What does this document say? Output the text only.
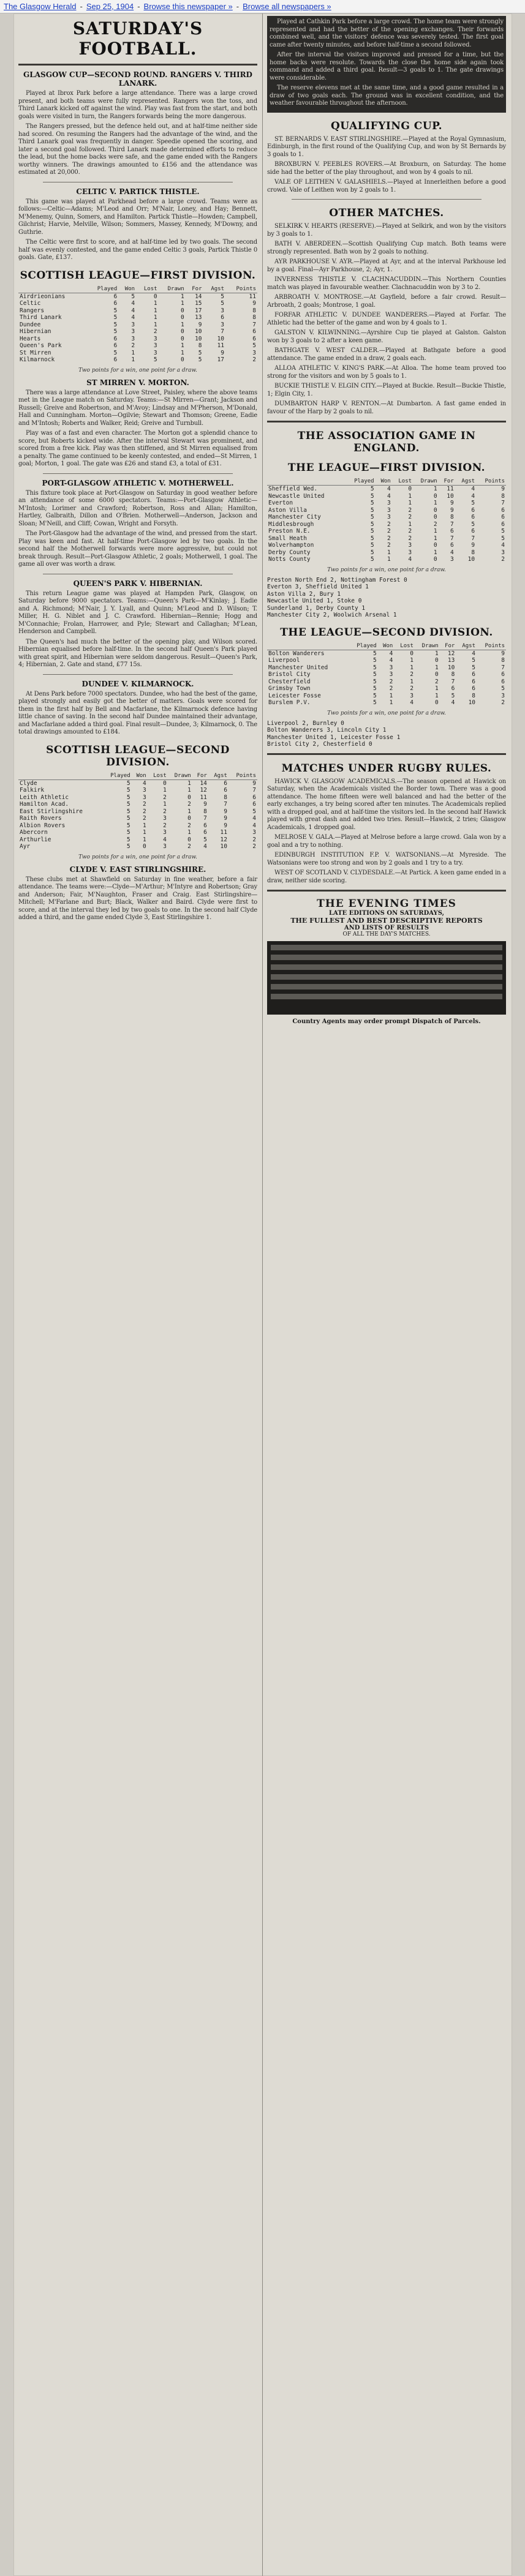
The Glasgow Herald - Sep 25, 1904 - Browse this newspaper » - Browse all newspapers »
SATURDAY'S FOOTBALL.
GLASGOW CUP—SECOND ROUND. RANGERS V. THIRD LANARK.

Played at Ibrox Park before a large attendance. There was a large crowd present, and both teams were fully represented. Rangers won the toss, and Third Lanark kicked off against the wind. Play was fast from the start, and both goals were visited in turn, the Rangers forwards being the more dangerous.

The Rangers pressed, but the defence held out, and at half-time neither side had scored. On resuming the Rangers had the advantage of the wind, and the Third Lanark goal was frequently in danger. Speedie opened the scoring, and later a second goal followed. Third Lanark made determined efforts to reduce the lead, but the home backs were safe, and the game ended with the Rangers worthy winners. The drawings amounted to £156 and the attendance was estimated at 20,000.

CELTIC V. PARTICK THISTLE.

This game was played at Parkhead before a large crowd. Teams were as follows:—Celtic—Adams; M'Leod and Orr; M'Nair, Loney, and Hay; Bennett, M'Menemy, Quinn, Somers, and Hamilton. Partick Thistle—Howden; Campbell, Gilchrist; Harvie, Melville, Wilson; Sommers, Massey, Kennedy, M'Downy, and Guthrie.

The Celtic were first to score, and at half-time led by two goals. The second half was evenly contested, and the game ended Celtic 3 goals, Partick Thistle 0 goals. Gate, £137.

SCOTTISH LEAGUE—FIRST DIVISION.
	Played	Won	Lost	Drawn	For	Agst	Points
Airdrieonians	6	5	0	1	14	5	11
Celtic	6	4	1	1	15	5	9
Rangers	5	4	1	0	17	3	8
Third Lanark	5	4	1	0	13	6	8
Dundee	5	3	1	1	9	3	7
Hibernian	5	3	2	0	10	7	6
Hearts	6	3	3	0	10	10	6
Queen's Park	6	2	3	1	8	11	5
St Mirren	5	1	3	1	5	9	3
Kilmarnock	6	1	5	0	5	17	2
Two points for a win, one point for a draw.
ST MIRREN V. MORTON.

There was a large attendance at Love Street, Paisley, where the above teams met in the League match on Saturday. Teams:—St Mirren—Grant; Jackson and Russell; Greive and Robertson, and M'Avoy; Lindsay and M'Pherson, M'Donald, Hall and Cunningham. Morton—Ogilvie; Stewart and Thomson; Greene, Eadie and M'Intosh; Roberts and Walker, Reid; Greive and Turnbull.

Play was of a fast and even character. The Morton got a splendid chance to score, but Roberts kicked wide. After the interval Stewart was prominent, and scored from a free kick. Play was then stiffened, and St Mirren equalised from a penalty. The game continued to be keenly contested, and ended—St Mirren, 1 goal; Morton, 1 goal. The gate was £26 and stand £3, a total of £31.

PORT-GLASGOW ATHLETIC V. MOTHERWELL.

This fixture took place at Port-Glasgow on Saturday in good weather before an attendance of some 6000 spectators. Teams:—Port-Glasgow Athletic—M'Intosh; Lorimer and Crawford; Robertson, Ross and Allan; Hamilton, Hartley, Galbraith, Dillon and O'Brien. Motherwell—Anderson, Jackson and Sloan; M'Neill, and Cliff; Cowan, Wright and Forsyth.

The Port-Glasgow had the advantage of the wind, and pressed from the start. Play was keen and fast. At half-time Port-Glasgow led by two goals. In the second half the Motherwell forwards were more aggressive, but could not break through. Result—Port-Glasgow Athletic, 2 goals; Motherwell, 1 goal. The game all over was worth a draw.

QUEEN'S PARK V. HIBERNIAN.

This return League game was played at Hampden Park, Glasgow, on Saturday before 9000 spectators. Teams:—Queen's Park—M'Kinlay; J. Eadie and A. Richmond; M'Nair, J. Y. Lyall, and Quinn; M'Leod and D. Wilson; T. Miller, H. G. Niblet and J. C. Crawford. Hibernian—Rennie; Hogg and M'Connachie; Frolan, Harrower, and Pyle; Stewart and Callaghan; M'Lean, Henderson and Campbell.

The Queen's had much the better of the opening play, and Wilson scored. Hibernian equalised before half-time. In the second half Queen's Park played with great spirit, and Hibernian were seldom dangerous. Result—Queen's Park, 4; Hibernian, 2. Gate and stand, £77 15s.

DUNDEE V. KILMARNOCK.

At Dens Park before 7000 spectators. Dundee, who had the best of the game, played strongly and easily got the better of matters. Goals were scored for them in the first half by Bell and Macfarlane, the Kilmarnock defence having little chance of saving. In the second half Dundee maintained their advantage, and Macfarlane added a third goal. Final result—Dundee, 3; Kilmarnock, 0. The total drawings amounted to £184.

SCOTTISH LEAGUE—SECOND DIVISION.
	Played	Won	Lost	Drawn	For	Agst	Points
Clyde	5	4	0	1	14	6	9
Falkirk	5	3	1	1	12	6	7
Leith Athletic	5	3	2	0	11	8	6
Hamilton Acad.	5	2	1	2	9	7	6
East Stirlingshire	5	2	2	1	8	9	5
Raith Rovers	5	2	3	0	7	9	4
Albion Rovers	5	1	2	2	6	9	4
Abercorn	5	1	3	1	6	11	3
Arthurlie	5	1	4	0	5	12	2
Ayr	5	0	3	2	4	10	2
Two points for a win, one point for a draw.
CLYDE V. EAST STIRLINGSHIRE.

These clubs met at Shawfield on Saturday in fine weather, before a fair attendance. The teams were:—Clyde—M'Arthur; M'Intyre and Robertson; Gray and Anderson; Fair, M'Naughton, Fraser and Craig. East Stirlingshire—Mitchell; M'Farlane and Burt; Black, Walker and Baird. Clyde were first to score, and at the interval they led by two goals to one. In the second half Clyde added a third, and the game ended Clyde 3, East Stirlingshire 1.

Played at Cathkin Park before a large crowd. The home team were strongly represented and had the better of the opening exchanges. Their forwards combined well, and the visitors' defence was severely tested. The first goal came after twenty minutes, and before half-time a second followed.

After the interval the visitors improved and pressed for a time, but the home backs were resolute. Towards the close the home side again took command and added a third goal. Result—3 goals to 1. The gate drawings were considerable.

The reserve elevens met at the same time, and a good game resulted in a draw of two goals each. The ground was in excellent condition, and the weather favourable throughout the afternoon.

QUALIFYING CUP.

ST. BERNARDS V. EAST STIRLINGSHIRE.—Played at the Royal Gymnasium, Edinburgh, in the first round of the Qualifying Cup, and won by St Bernards by 3 goals to 1.

BROXBURN V. PEEBLES ROVERS.—At Broxburn, on Saturday. The home side had the better of the play throughout, and won by 4 goals to nil.

VALE OF LEITHEN V. GALASHIELS.—Played at Innerleithen before a good crowd. Vale of Leithen won by 2 goals to 1.

OTHER MATCHES.

SELKIRK V. HEARTS (RESERVE).—Played at Selkirk, and won by the visitors by 3 goals to 1.

BATH V. ABERDEEN.—Scottish Qualifying Cup match. Both teams were strongly represented. Bath won by 2 goals to nothing.

AYR PARKHOUSE V. AYR.—Played at Ayr, and at the interval Parkhouse led by a goal. Final—Ayr Parkhouse, 2; Ayr, 1.

INVERNESS THISTLE V. CLACHNACUDDIN.—This Northern Counties match was played in favourable weather. Clachnacuddin won by 3 to 2.

ARBROATH V. MONTROSE.—At Gayfield, before a fair crowd. Result—Arbroath, 2 goals; Montrose, 1 goal.

FORFAR ATHLETIC V. DUNDEE WANDERERS.—Played at Forfar. The Athletic had the better of the game and won by 4 goals to 1.

GALSTON V. KILWINNING.—Ayrshire Cup tie played at Galston. Galston won by 3 goals to 2 after a keen game.

BATHGATE V. WEST CALDER.—Played at Bathgate before a good attendance. The game ended in a draw, 2 goals each.

ALLOA ATHLETIC V. KING'S PARK.—At Alloa. The home team proved too strong for the visitors and won by 5 goals to 1.

BUCKIE THISTLE V. ELGIN CITY.—Played at Buckie. Result—Buckie Thistle, 1; Elgin City, 1.

DUMBARTON HARP V. RENTON.—At Dumbarton. A fast game ended in favour of the Harp by 2 goals to nil.

THE ASSOCIATION GAME IN ENGLAND.
THE LEAGUE—FIRST DIVISION.
	Played	Won	Lost	Drawn	For	Agst	Points
Sheffield Wed.	5	4	0	1	11	4	9
Newcastle United	5	4	1	0	10	4	8
Everton	5	3	1	1	9	5	7
Aston Villa	5	3	2	0	9	6	6
Manchester City	5	3	2	0	8	6	6
Middlesbrough	5	2	1	2	7	5	6
Preston N.E.	5	2	2	1	6	6	5
Small Heath	5	2	2	1	7	7	5
Wolverhampton	5	2	3	0	6	9	4
Derby County	5	1	3	1	4	8	3
Notts County	5	1	4	0	3	10	2
Two points for a win, one point for a draw.
Preston North End 2, Nottingham Forest 0
Everton 3, Sheffield United 1
Aston Villa 2, Bury 1
Newcastle United 1, Stoke 0
Sunderland 1, Derby County 1
Manchester City 2, Woolwich Arsenal 1
THE LEAGUE—SECOND DIVISION.
	Played	Won	Lost	Drawn	For	Agst	Points
Bolton Wanderers	5	4	0	1	12	4	9
Liverpool	5	4	1	0	13	5	8
Manchester United	5	3	1	1	10	5	7
Bristol City	5	3	2	0	8	6	6
Chesterfield	5	2	1	2	7	6	6
Grimsby Town	5	2	2	1	6	6	5
Leicester Fosse	5	1	3	1	5	8	3
Burslem P.V.	5	1	4	0	4	10	2
Two points for a win, one point for a draw.
Liverpool 2, Burnley 0
Bolton Wanderers 3, Lincoln City 1
Manchester United 1, Leicester Fosse 1
Bristol City 2, Chesterfield 0
MATCHES UNDER RUGBY RULES.

HAWICK V. GLASGOW ACADEMICALS.—The season opened at Hawick on Saturday, when the Academicals visited the Border town. There was a good attendance. The home fifteen were well balanced and had the better of the early exchanges, a try being scored after ten minutes. The Academicals replied with a dropped goal, and at half-time the visitors led. In the second half Hawick played with great dash and added two tries. Result—Hawick, 2 tries; Glasgow Academicals, 1 dropped goal.

MELROSE V. GALA.—Played at Melrose before a large crowd. Gala won by a goal and a try to nothing.

EDINBURGH INSTITUTION F.P. V. WATSONIANS.—At Myreside. The Watsonians were too strong and won by 2 goals and 1 try to a try.

WEST OF SCOTLAND V. CLYDESDALE.—At Partick. A keen game ended in a draw, neither side scoring.

THE EVENING TIMES
LATE EDITIONS ON SATURDAYS,
THE FULLEST AND BEST DESCRIPTIVE REPORTS
AND LISTS OF RESULTS
OF ALL THE DAY'S MATCHES.
Country Agents may order prompt Dispatch of Parcels.
